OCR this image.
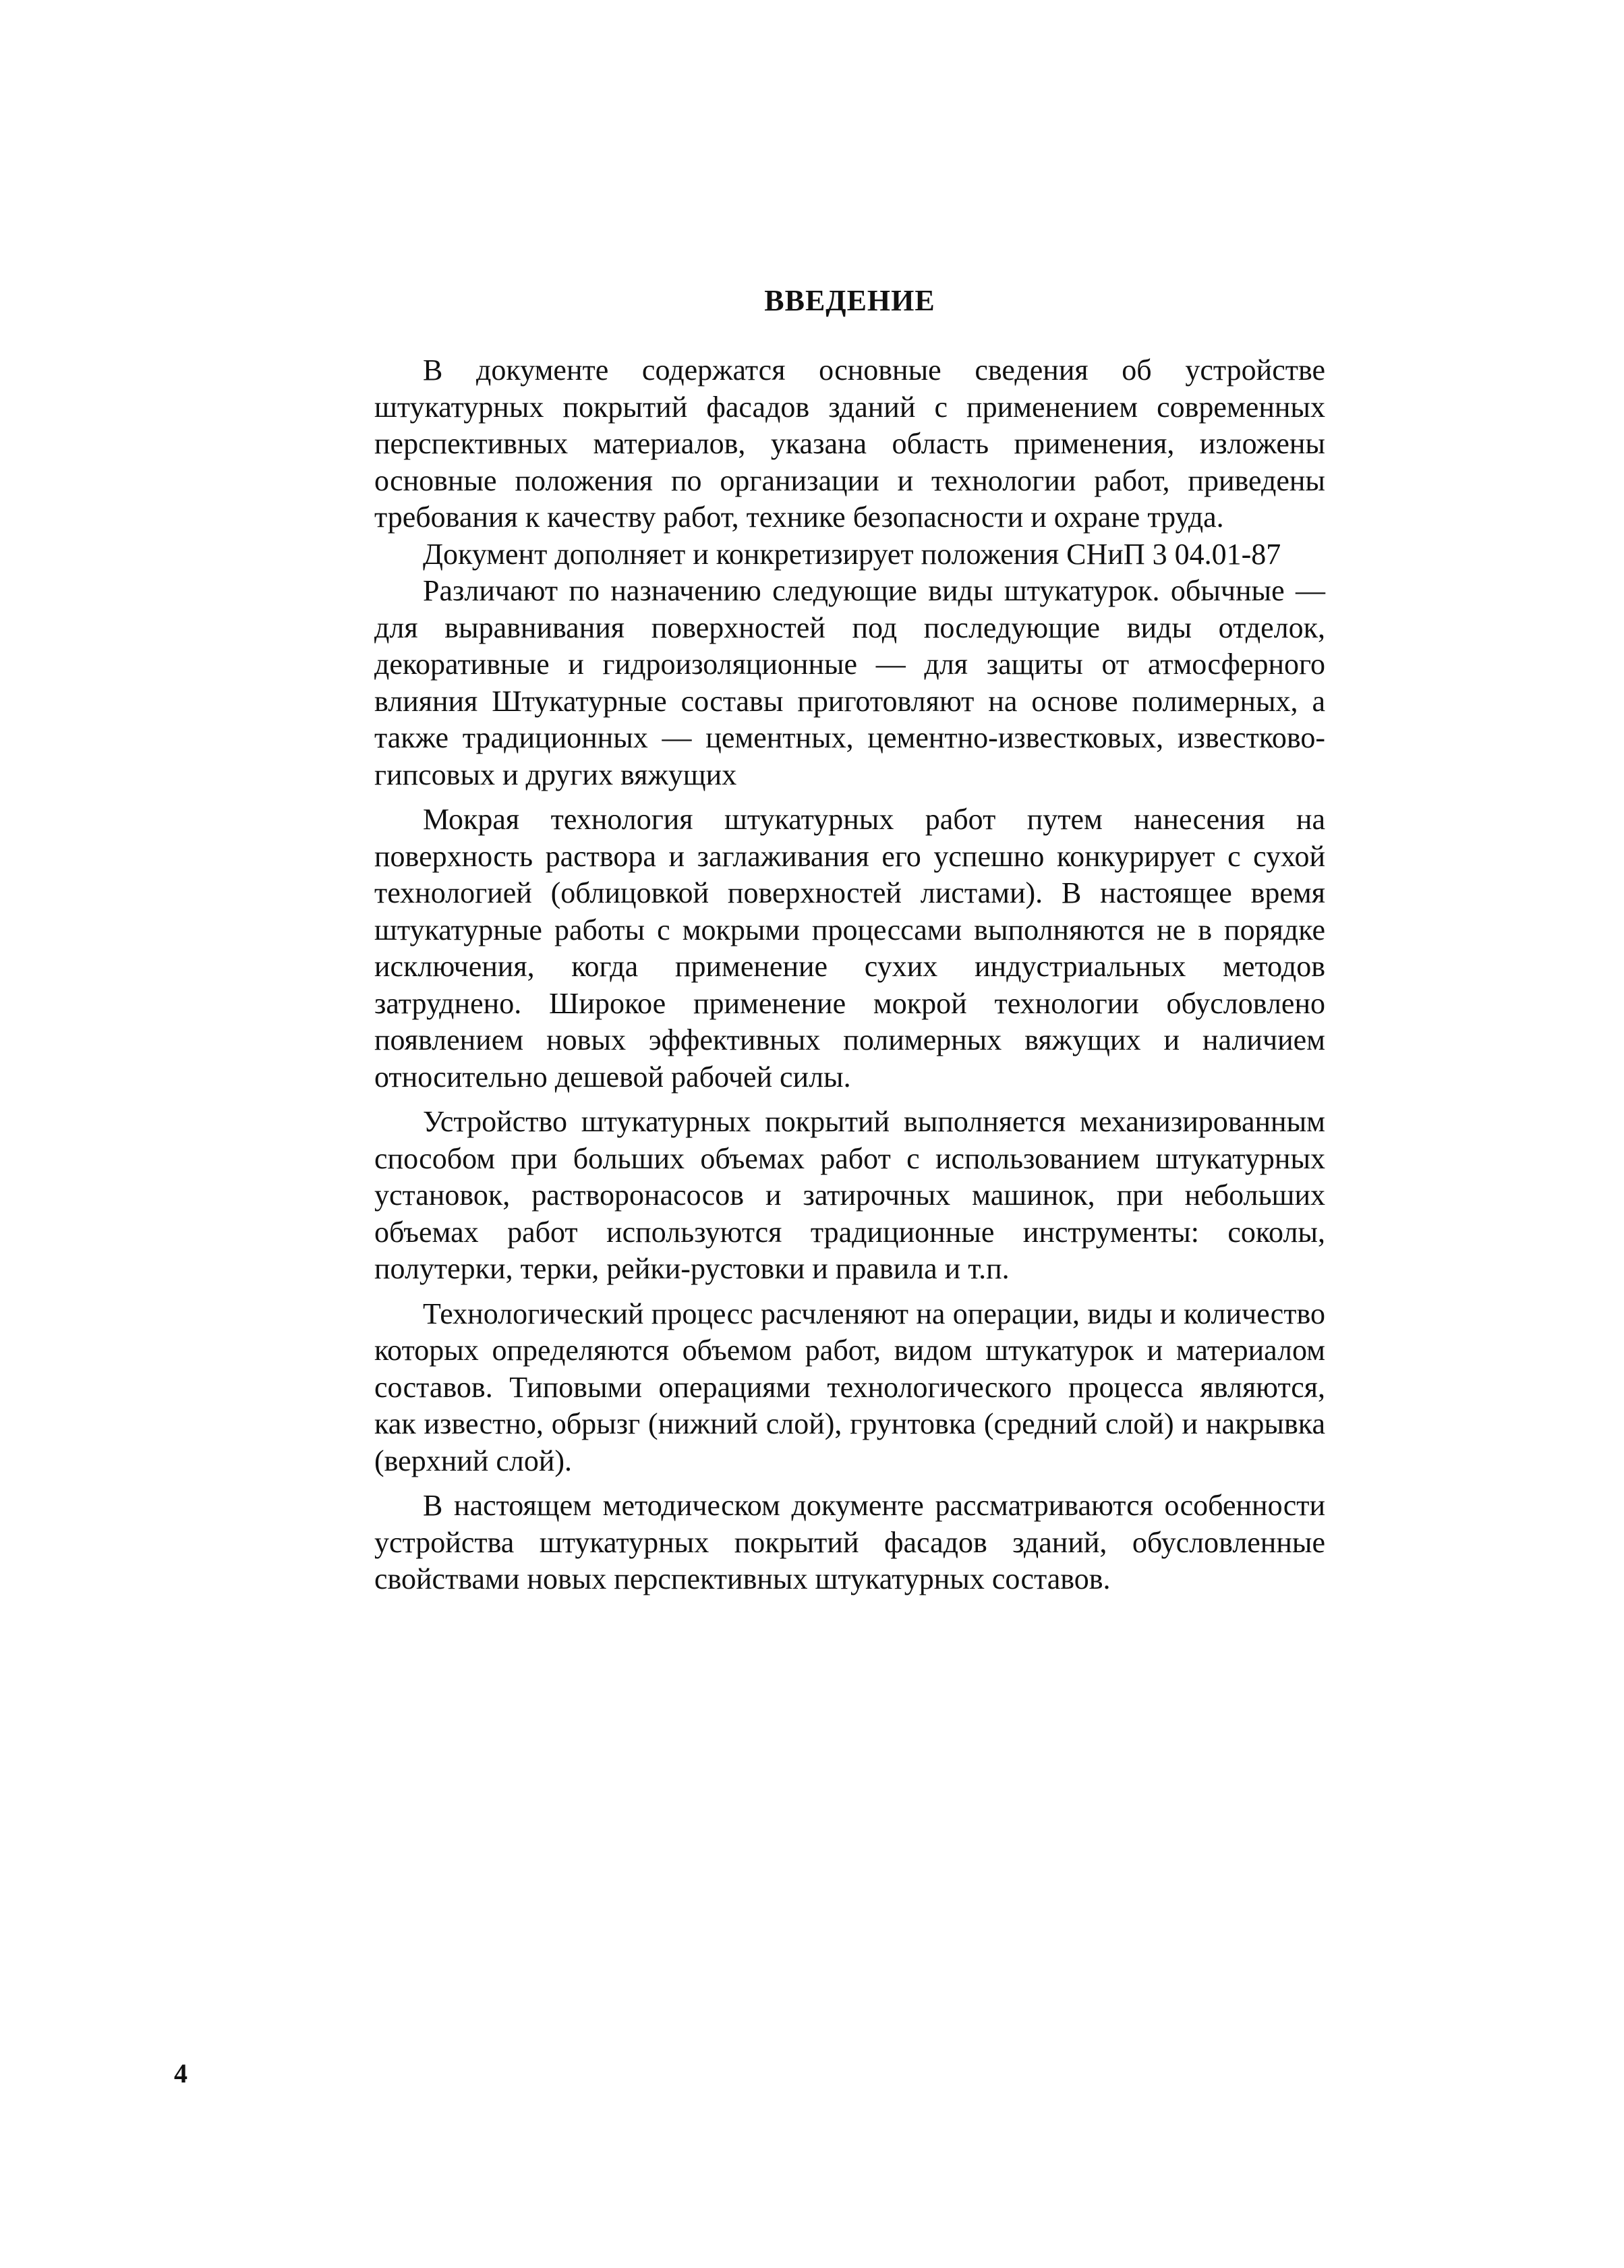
ВВЕДЕНИЕ

В документе содержатся основные сведения об устройстве штукатурных покрытий фасадов зданий с применением современных перспективных материалов, указана область применения, изложены основные положения по организации и технологии работ, приведены требования к качеству работ, технике безопасности и охране труда.

Документ дополняет и конкретизирует положения СНиП 3 04.01-87

Различают по назначению следующие виды штукатурок. обычные — для выравнивания поверхностей под последующие виды отделок, декоративные и гидроизоляционные — для защиты от атмосферного влияния Штукатурные составы приготовляют на основе полимерных, а также традиционных — цементных, цементно-известковых, известково-гипсовых и других вяжущих

Мокрая технология штукатурных работ путем нанесения на поверхность раствора и заглаживания его успешно конкурирует с сухой технологией (облицовкой поверхностей листами). В настоящее время штукатурные работы с мокрыми процессами выполняются не в порядке исключения, когда применение сухих индустриальных методов затруднено. Широкое применение мокрой технологии обусловлено появлением новых эффективных полимерных вяжущих и наличием относительно дешевой рабочей силы.

Устройство штукатурных покрытий выполняется механизированным способом при больших объемах работ с использованием штукатурных установок, растворонасосов и затирочных машинок, при небольших объемах работ используются традиционные инструменты: соколы, полутерки, терки, рейки-рустовки и правила и т.п.

Технологический процесс расчленяют на операции, виды и количество которых определяются объемом работ, видом штукатурок и материалом составов. Типовыми операциями технологического процесса являются, как известно, обрызг (нижний слой), грунтовка (средний слой) и накрывка (верхний слой).

В настоящем методическом документе рассматриваются особенности устройства штукатурных покрытий фасадов зданий, обусловленные свойствами новых перспективных штукатурных составов.

4
